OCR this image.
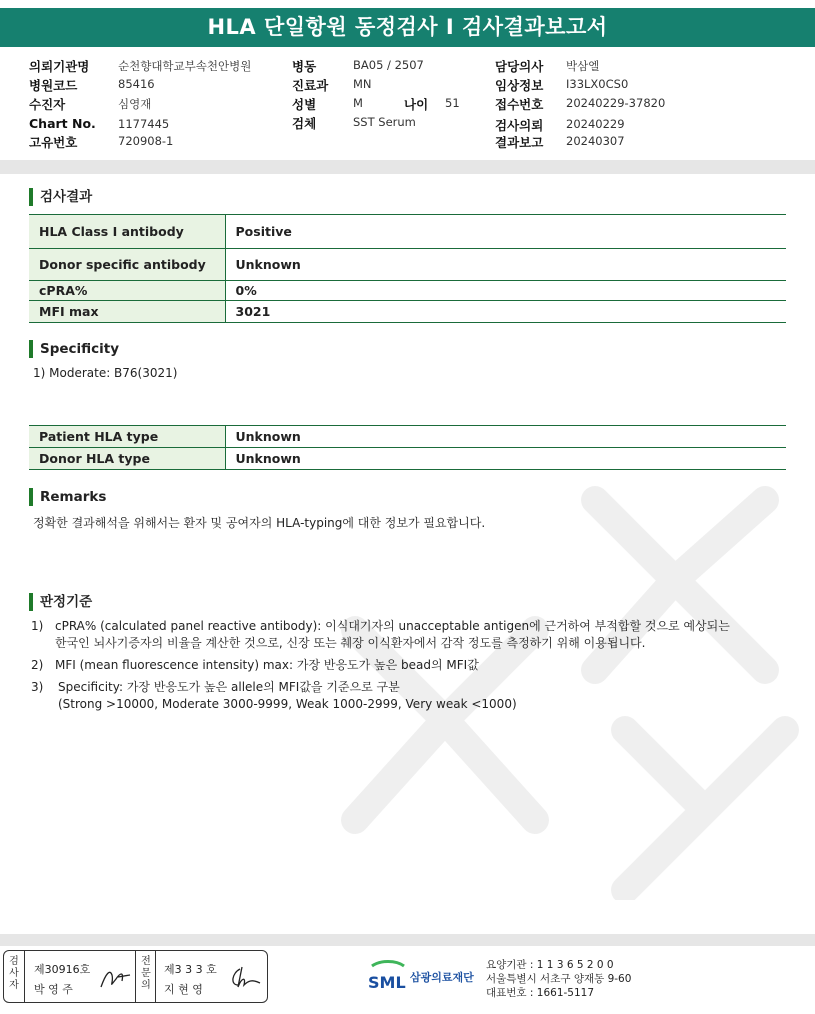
HLA 단일항원 동정검사 I 검사결과보고서
의뢰기관명 순천향대학교부속천안병원
병원코드	85416
수진자	심영재
Chart No. 1177445
고유번호	720908-1
병동	BA05 / 2507
진료과 MN
성별	M	나이 51
검체	SST Serum
담당의사 박삼엘
임상정보 I33LX0CS0
접수번호 20240229-37820
검사의뢰 20240229
결과보고 20240307
검사결과
HLA Class I antibody	Positive
Donor specific antibody	Unknown
cPRA%	0%
MFI max	3021
Specificity
1) Moderate: B76(3021)
Patient HLA type	Unknown
Donor HLA type	Unknown
Remarks
정확한 결과해석을 위해서는 환자 및 공여자의 HLA-typing에 대한 정보가 필요합니다.
판정기준
1) cPRA% (calculated panel reactive antibody): 이식대기자의 unacceptable antigen에 근거하여 부적합할 것으로 예상되는
한국인 뇌사기증자의 비율을 계산한 것으로, 신장 또는 췌장 이식환자에서 감작 정도를 측정하기 위해 이용됩니다.
2) MFI (mean fluorescence intensity) max: 가장 반응도가 높은 bead의 MFI값
3) Specificity: 가장 반응도가 높은 allele의 MFI값을 기준으로 구분
(Strong >10000, Moderate 3000-9999, Weak 1000-2999, Very weak <1000)
검사자
제30916호
박 영 주
전문의
제3 3 3 호
지 현 영	SML 삼광의료재단
요양기관 : 1 1 3 6 5 2 0 0
서울특별시 서초구 양재동 9-60
대표번호 : 1661-5117
